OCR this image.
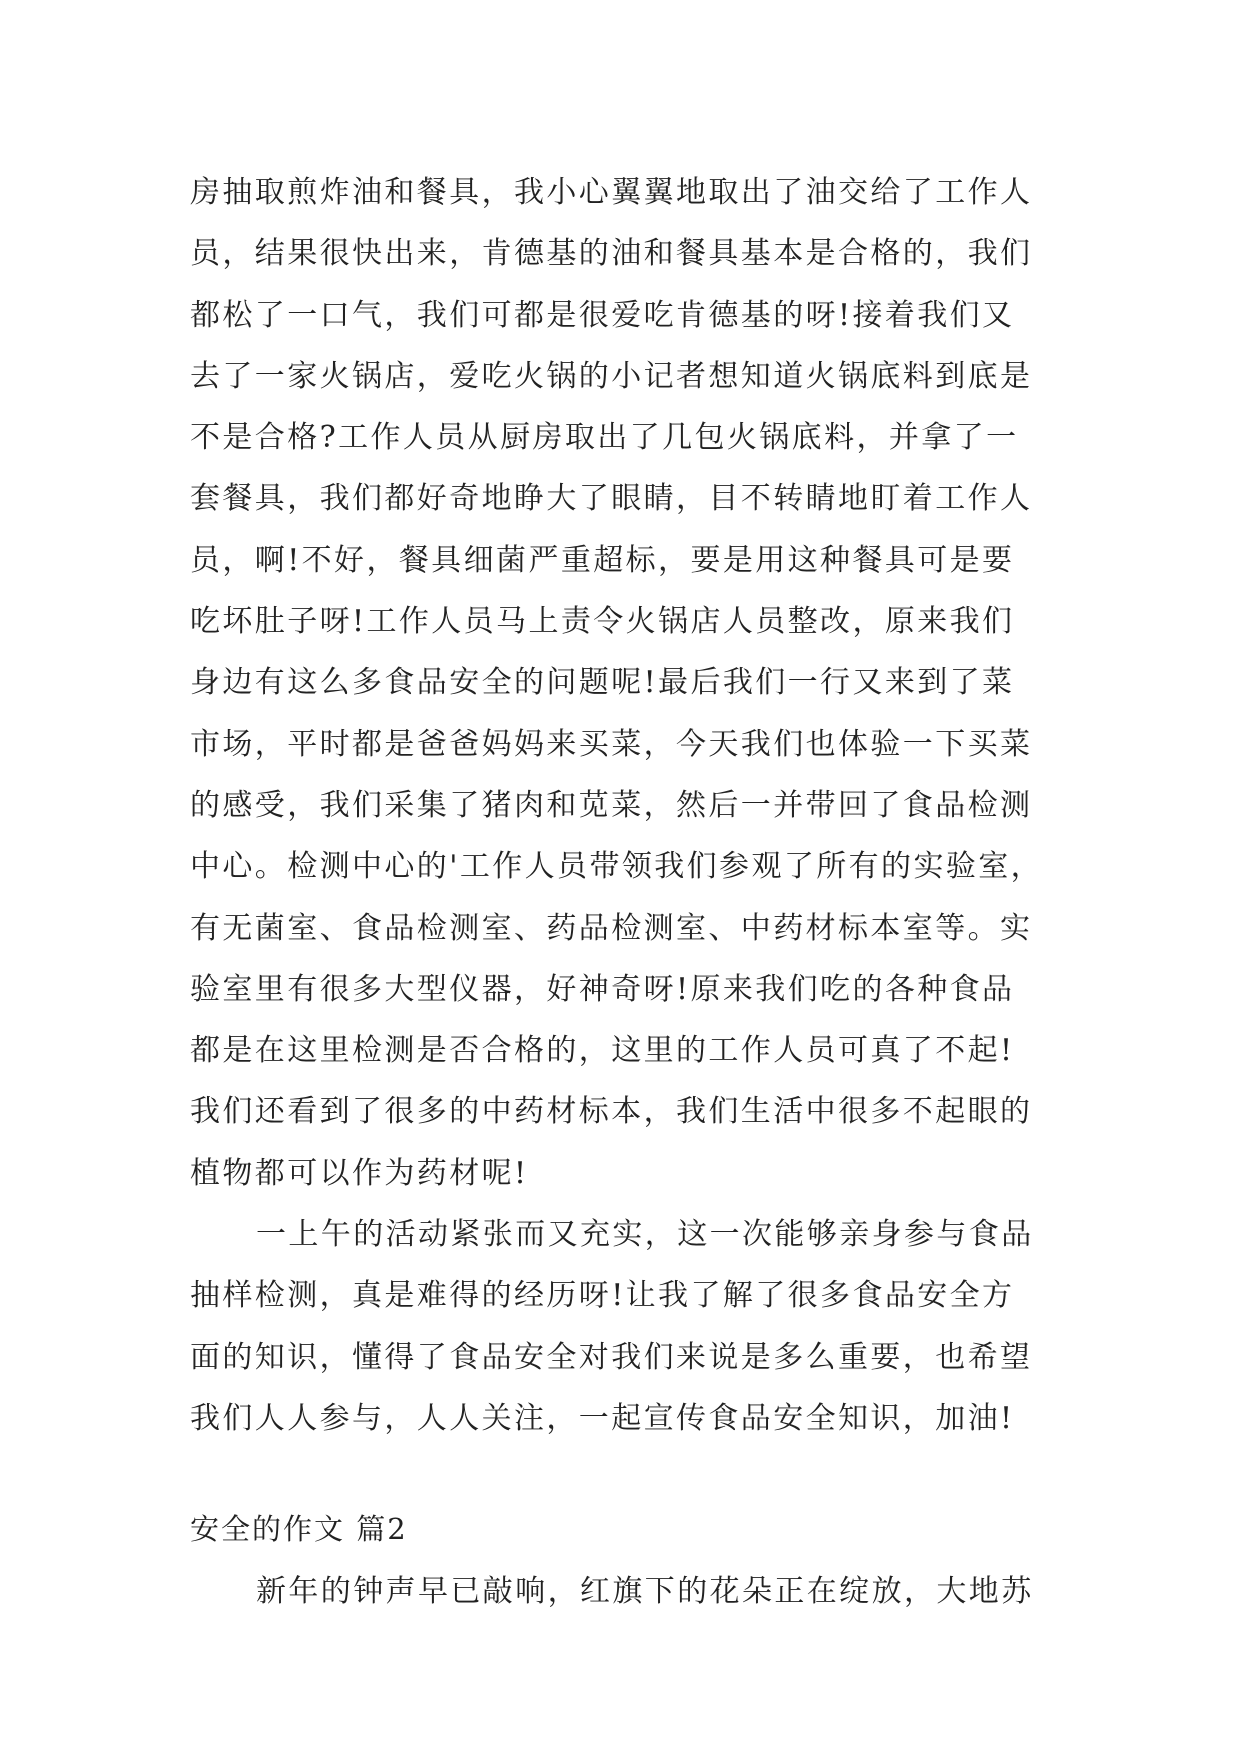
房抽取煎炸油和餐具，我小心翼翼地取出了油交给了工作人
员，结果很快出来，肯德基的油和餐具基本是合格的，我们
都松了一口气，我们可都是很爱吃肯德基的呀!接着我们又
去了一家火锅店，爱吃火锅的小记者想知道火锅底料到底是
不是合格?工作人员从厨房取出了几包火锅底料，并拿了一
套餐具，我们都好奇地睁大了眼睛，目不转睛地盯着工作人
员，啊!不好，餐具细菌严重超标，要是用这种餐具可是要
吃坏肚子呀!工作人员马上责令火锅店人员整改，原来我们
身边有这么多食品安全的问题呢!最后我们一行又来到了菜
市场，平时都是爸爸妈妈来买菜，今天我们也体验一下买菜
的感受，我们采集了猪肉和苋菜，然后一并带回了食品检测
中心。检测中心的'工作人员带领我们参观了所有的实验室，
有无菌室、食品检测室、药品检测室、中药材标本室等。实
验室里有很多大型仪器，好神奇呀!原来我们吃的各种食品
都是在这里检测是否合格的，这里的工作人员可真了不起!
我们还看到了很多的中药材标本，我们生活中很多不起眼的
植物都可以作为药材呢!
一上午的活动紧张而又充实，这一次能够亲身参与食品
抽样检测，真是难得的经历呀!让我了解了很多食品安全方
面的知识，懂得了食品安全对我们来说是多么重要，也希望
我们人人参与，人人关注，一起宣传食品安全知识，加油!
安全的作文 篇2
新年的钟声早已敲响，红旗下的花朵正在绽放，大地苏
